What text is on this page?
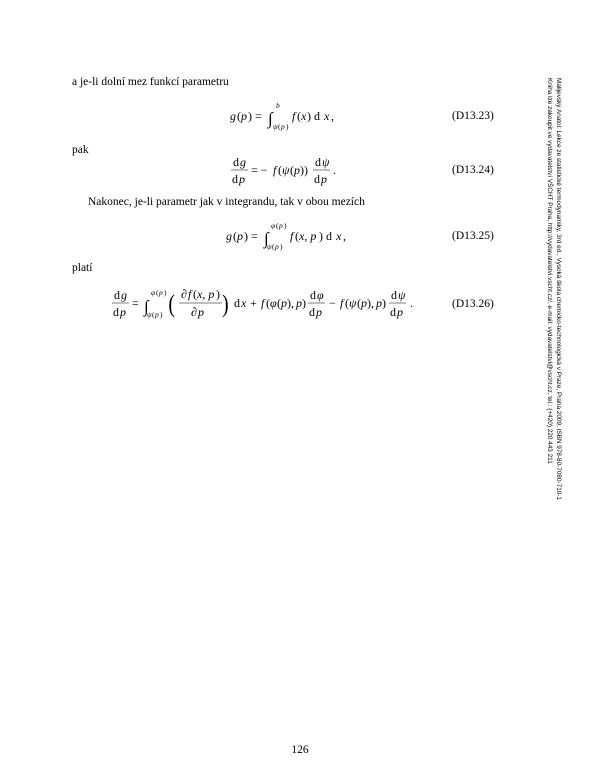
a je-li dolní mez funkcí parametru
pak
Nakonec, je-li parametr jak v integrandu, tak v obou mezích
platí
g ( p ) = ∫
b
ψ ( p )
f ( x ) d x ,	(D13.23)
d g
d p
= − f ( ψ ( p ))
d ψ
d p
.	(D13.24)
g ( p ) = ∫
φ ( p )
ψ ( p )
f ( x, p ) d x ,	(D13.25)
d g
d p
= ∫
φ ( p )
ψ ( p ) ( ∂ f ( x, p )
∂ p ) d x + f ( φ ( p ), p )
d φ
d p
− f ( ψ ( p ), p )
d ψ
d p
.	(D13.26)	Malijevský Anatol: Lekce ze statistické termodynamiky, 3rd ed., Vysoká škola chemicko-technologická v Praze, Praha 2009, ISBN 978-80-7080-710-1
Kniha lze zakoupit ve vydavatelství VŠCHT Praha, http://vydavatelstvi.vscht.cz/, e-mail: vydavatelstvi@vscht.cz, tel.: (+420) 220 443 211
126
